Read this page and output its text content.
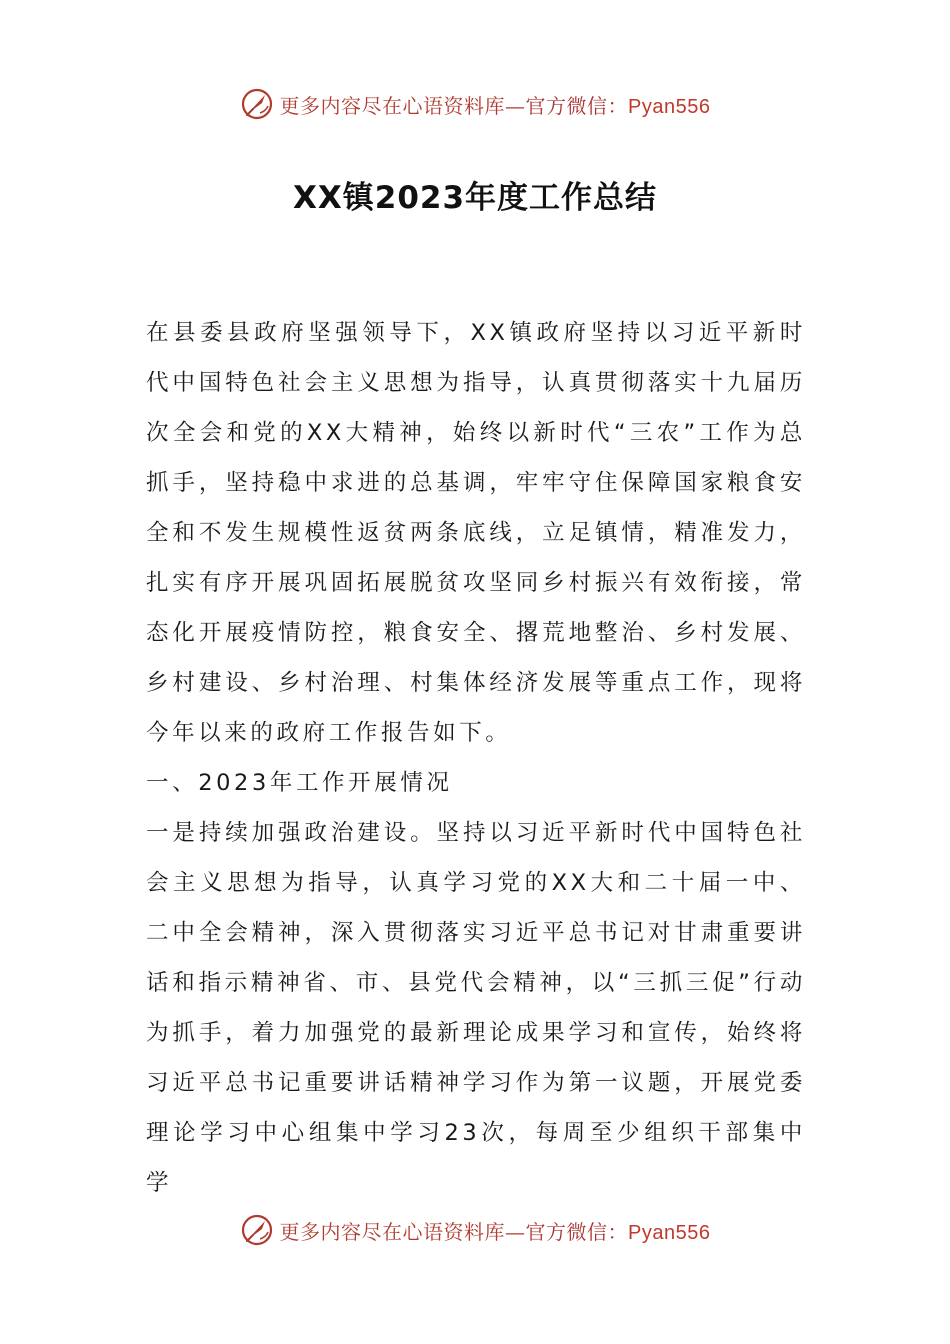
更多内容尽在心语资料库—官方微信：Pyan556
XX镇2023年度工作总结

在县委县政府坚强领导下，XX镇政府坚持以习近平新时代中国特色社会主义思想为指导，认真贯彻落实十九届历次全会和党的XX大精神，始终以新时代“三农”工作为总抓手，坚持稳中求进的总基调，牢牢守住保障国家粮食安全和不发生规模性返贫两条底线，立足镇情，精准发力，扎实有序开展巩固拓展脱贫攻坚同乡村振兴有效衔接，常态化开展疫情防控，粮食安全、撂荒地整治、乡村发展、乡村建设、乡村治理、村集体经济发展等重点工作，现将今年以来的政府工作报告如下。

一、2023年工作开展情况

一是持续加强政治建设。坚持以习近平新时代中国特色社会主义思想为指导，认真学习党的XX大和二十届一中、二中全会精神，深入贯彻落实习近平总书记对甘肃重要讲话和指示精神省、市、县党代会精神，以“三抓三促”行动为抓手，着力加强党的最新理论成果学习和宣传，始终将习近平总书记重要讲话精神学习作为第一议题，开展党委理论学习中心组集中学习23次，每周至少组织干部集中学

更多内容尽在心语资料库—官方微信：Pyan556
